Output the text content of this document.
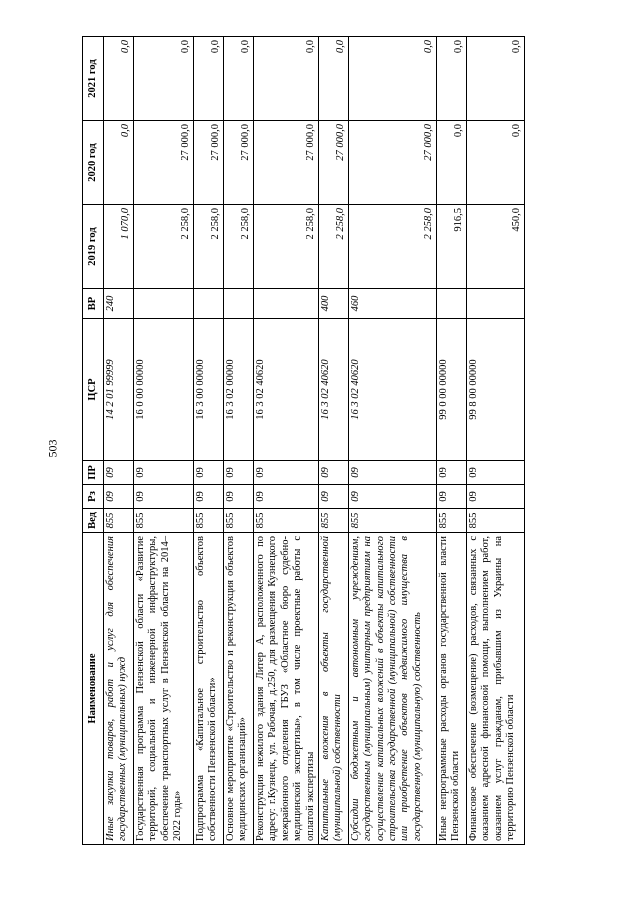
503
Наименование	Вед	Рз	ПР	ЦСР	ВР	2019 год	2020 год	2021 год
Иные закупки товаров, работ и услуг для обеспечения государственных (муниципальных) нужд	855	09	09	14 2 01 99999	240	1 070,0	0,0	0,0
Государственная программа Пензенской области «Развитие территорий, социальной и инженерной инфраструктуры, обеспечение транспортных услуг в Пензенской области на 2014–2022 годы»	855	09	09	16 0 00 00000		2 258,0	27 000,0	0,0
Подпрограмма «Капитальное строительство объектов собственности Пензенской области»	855	09	09	16 3 00 00000		2 258,0	27 000,0	0,0
Основное мероприятие «Строительство и реконструкция объектов медицинских организаций»	855	09	09	16 3 02 00000		2 258,0	27 000,0	0,0
Реконструкция нежилого здания Литер А, расположенного по адресу: г.Кузнецк, ул. Рабочая, д.250, для размещения Кузнецкого межрайонного отделения ГБУЗ «Областное бюро судебно-медицинской экспертизы», в том числе проектные работы с оплатой экспертизы	855	09	09	16 3 02 40620		2 258,0	27 000,0	0,0
Капитальные вложения в объекты государственной (муниципальной) собственности	855	09	09	16 3 02 40620	400	2 258,0	27 000,0	0,0
Субсидии бюджетным и автономным учреждениям, государственным (муниципальным) унитарным предприятиям на осуществление капитальных вложений в объекты капитального строительства государственной (муниципальной) собственности или приобретение объектов недвижимого имущества в государственную (муниципальную) собственность	855	09	09	16 3 02 40620	460	2 258,0	27 000,0	0,0
Иные непрограммные расходы органов государственной власти Пензенской области	855	09	09	99 0 00 00000		916,5	0,0	0,0
Финансовое обеспечение (возмещение) расходов, связанных с оказанием адресной финансовой помощи, выполнением работ, оказанием услуг гражданам, прибывшим из Украины на территорию Пензенской области	855	09	09	99 8 00 00000		450,0	0,0	0,0
